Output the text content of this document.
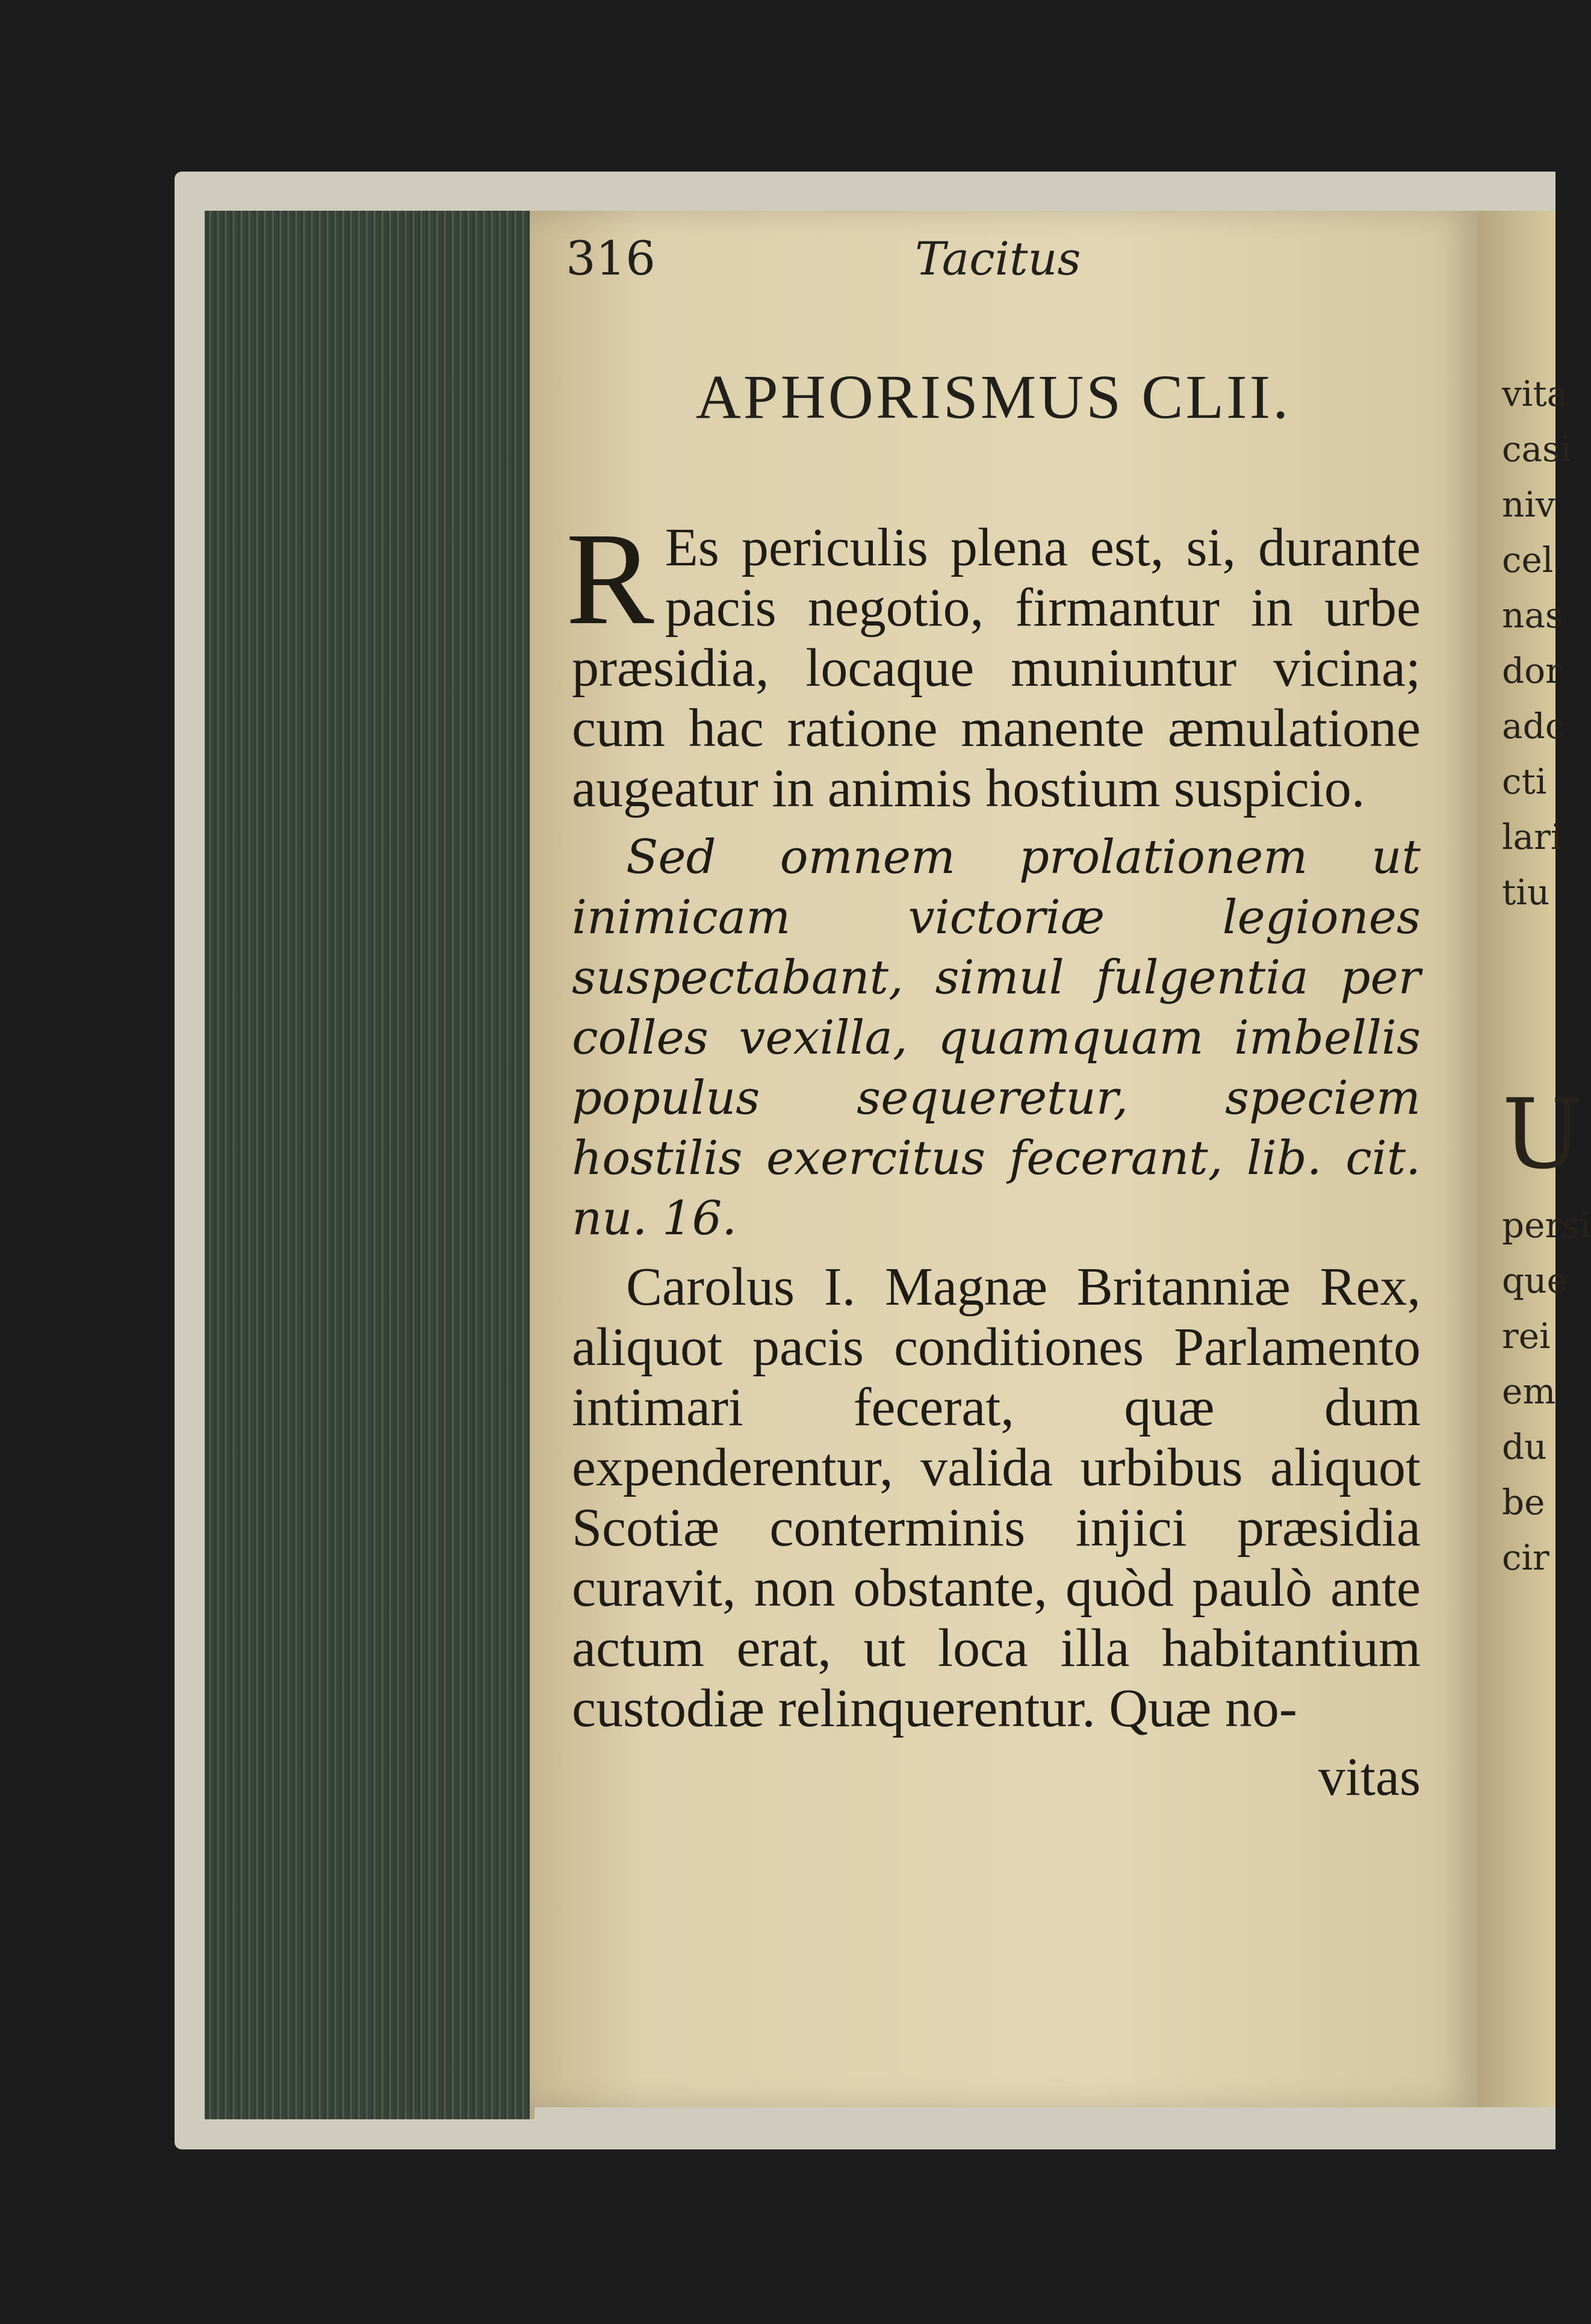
vita
casi
niv
cel
nas
dor
adc
cti
lari
tiu
U
persi
que
rei
em
du
be
cir
316	Tacitus
APHORISMUS CLII.

R Es periculis plena est, si, durante pacis negotio, firmantur in urbe præsidia, locaque muniuntur vicina; cum hac ratione manente æmulatione augeatur in animis hostium suspicio.

Sed omnem prolationem ut inimicam victoriæ legiones suspectabant, simul fulgentia per colles vexilla, quamquam imbellis populus sequeretur, speciem hostilis exercitus fecerant, lib. cit. nu. 16.

Carolus I. Magnæ Britanniæ Rex, aliquot pacis conditiones Parlamento intimari fecerat, quæ dum expenderentur, valida urbibus aliquot Scotiæ conterminis injici præsidia curavit, non obstante, quòd paulò ante actum erat, ut loca illa habitantium custodiæ relinquerentur. Quæ no-

vitas
